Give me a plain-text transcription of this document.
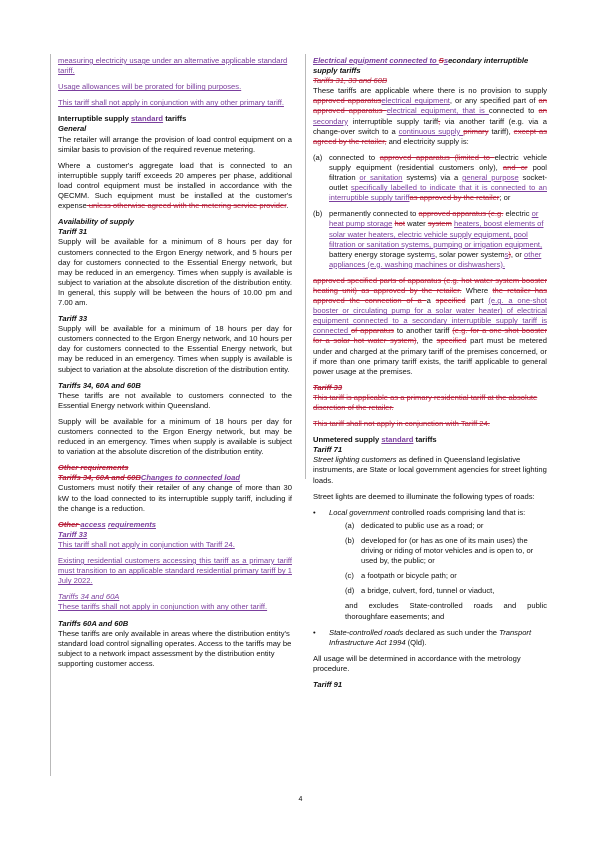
measuring electricity usage under an alternative applicable standard tariff.

Usage allowances will be prorated for billing purposes.

This tariff shall not apply in conjunction with any other primary tariff.

Interruptible supply standard tariffs

General

The retailer will arrange the provision of load control equipment on a similar basis to provision of the required revenue metering.

Where a customer's aggregate load that is connected to an interruptible supply tariff exceeds 20 amperes per phase, additional load control equipment must be installed in accordance with the QECMM. Such equipment must be installed at the customer's expense unless otherwise agreed with the metering service provider.

Availability of supply

Tariff 31

Supply will be available for a minimum of 8 hours per day for customers connected to the Ergon Energy network, and 5 hours per day for customers connected to the Essential Energy network, but may be reduced in an emergency. Times when supply is available is subject to variation at the absolute discretion of the distribution entity. In general, this supply will be between the hours of 10.00 pm and 7.00 am.

Tariff 33

Supply will be available for a minimum of 18 hours per day for customers connected to the Ergon Energy network, and 10 hours per day for customers connected to the Essential Energy network, but may be reduced in an emergency. Times when supply is available is subject to variation at the absolute discretion of the distribution entity.

Tariffs 34, 60A and 60B

These tariffs are not available to customers connected to the Essential Energy network within Queensland.

Supply will be available for a minimum of 18 hours per day for customers connected to the Ergon Energy network, but may be reduced in an emergency. Times when supply is available is subject to variation at the absolute discretion of the distribution entity.

Other requirements

Tariffs 34, 60A and 60BChanges to connected load

Customers must notify their retailer of any change of more than 30 kW to the load connected to its interruptible supply tariff, including if the change is a reduction.

Other access requirements

Tariff 33

This tariff shall not apply in conjunction with Tariff 24.

Existing residential customers accessing this tariff as a primary tariff must transition to an applicable standard residential primary tariff by 1 July 2022.

Tariffs 34 and 60A

These tariffs shall not apply in conjunction with any other tariff.

Tariffs 60A and 60B

These tariffs are only available in areas where the distribution entity's standard load control signalling operates. Access to the tariffs may be subject to a network impact assessment by the distribution entity supporting customer access.

Electrical equipment connected to Ssecondary interruptible supply tariffs

Tariffs 31, 33 and 60B

These tariffs are applicable where there is no provision to supply approved apparatuselectrical equipment, or any specified part of an approved apparatus electrical equipment, that is connected to an secondary interruptible supply tariff, via another tariff (e.g. via a change-over switch to a continuous supply primary tariff), except as agreed by the retailer, and electricity supply is:

(a) connected to approved apparatus (limited to electric vehicle supply equipment (residential customers only), and or pool filtration or sanitation systems) via a general purpose socket-outlet specifically labelled to indicate that it is connected to an interruptible supply tariffas approved by the retailer; or
(b) permanently connected to approved apparatus (e.g. electric or heat pump storage hot water system heaters, boost elements of solar water heaters, electric vehicle supply equipment, pool filtration or sanitation systems, pumping or irrigation equipment, battery energy storage systems, solar power systems), or other appliances (e.g. washing machines or dishwashers).

approved specified parts of apparatus (e.g. hot water system booster heating unit) as approved by the retailer. Where the retailer has approved the connection of a a specified part (e.g. a one-shot booster or circulating pump for a solar water heater) of electrical equipment connected to a secondary interruptible supply tariff is connected of apparatus to another tariff (e.g. for a one-shot booster for a solar hot water system), the specified part must be metered under and charged at the primary tariff of the premises concerned, or if more than one primary tariff exists, the tariff applicable to general power usage at the premises.

Tariff 33

This tariff is applicable as a primary residential tariff at the absolute discretion of the retailer.

This tariff shall not apply in conjunction with Tariff 24.

Unmetered supply standard tariffs

Tariff 71

Street lighting customers as defined in Queensland legislative instruments, are State or local government agencies for street lighting loads.

Street lights are deemed to illuminate the following types of roads:

•	Local government controlled roads comprising land that is:
(a) dedicated to public use as a road; or
(b) developed for (or has as one of its main uses) the driving or riding of motor vehicles and is open to, or used by, the public; or
(c) a footpath or bicycle path; or
(d) a bridge, culvert, ford, tunnel or viaduct,

and excludes State-controlled roads and public thoroughfare easements; and

•	State-controlled roads declared as such under the Transport Infrastructure Act 1994 (Qld).

All usage will be determined in accordance with the metrology procedure.

Tariff 91

4
